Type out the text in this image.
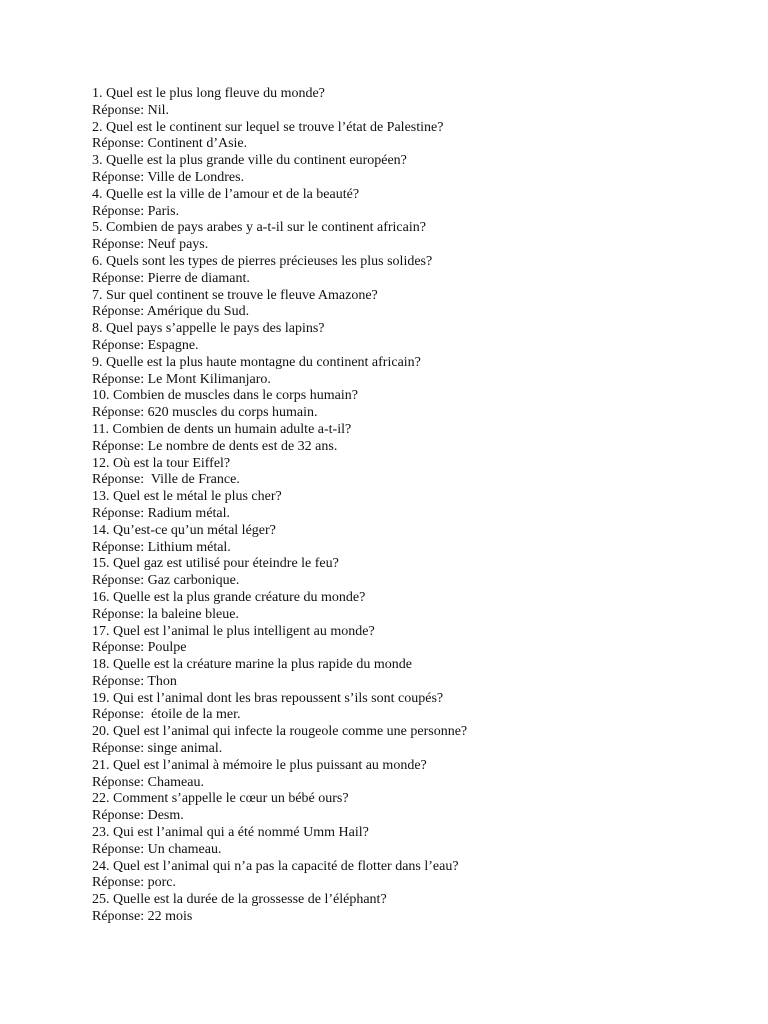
1. Quel est le plus long fleuve du monde?
Réponse: Nil.
2. Quel est le continent sur lequel se trouve l’état de Palestine?
Réponse: Continent d’Asie.
3. Quelle est la plus grande ville du continent européen?
Réponse: Ville de Londres.
4. Quelle est la ville de l’amour et de la beauté?
Réponse: Paris.
5. Combien de pays arabes y a-t-il sur le continent africain?
Réponse: Neuf pays.
6. Quels sont les types de pierres précieuses les plus solides?
Réponse: Pierre de diamant.
7. Sur quel continent se trouve le fleuve Amazone?
Réponse: Amérique du Sud.
8. Quel pays s’appelle le pays des lapins?
Réponse: Espagne.
9. Quelle est la plus haute montagne du continent africain?
Réponse: Le Mont Kilimanjaro.
10. Combien de muscles dans le corps humain?
Réponse: 620 muscles du corps humain.
11. Combien de dents un humain adulte a-t-il?
Réponse: Le nombre de dents est de 32 ans.
12. Où est la tour Eiffel?
Réponse:  Ville de France.
13. Quel est le métal le plus cher?
Réponse: Radium métal.
14. Qu’est-ce qu’un métal léger?
Réponse: Lithium métal.
15. Quel gaz est utilisé pour éteindre le feu?
Réponse: Gaz carbonique.
16. Quelle est la plus grande créature du monde?
Réponse: la baleine bleue.
17. Quel est l’animal le plus intelligent au monde?
Réponse: Poulpe
18. Quelle est la créature marine la plus rapide du monde
Réponse: Thon
19. Qui est l’animal dont les bras repoussent s’ils sont coupés?
Réponse:  étoile de la mer.
20. Quel est l’animal qui infecte la rougeole comme une personne?
Réponse: singe animal.
21. Quel est l’animal à mémoire le plus puissant au monde?
Réponse: Chameau.
22. Comment s’appelle le cœur un bébé ours?
Réponse: Desm.
23. Qui est l’animal qui a été nommé Umm Hail?
Réponse: Un chameau.
24. Quel est l’animal qui n’a pas la capacité de flotter dans l’eau?
Réponse: porc.
25. Quelle est la durée de la grossesse de l’éléphant?
Réponse: 22 mois
